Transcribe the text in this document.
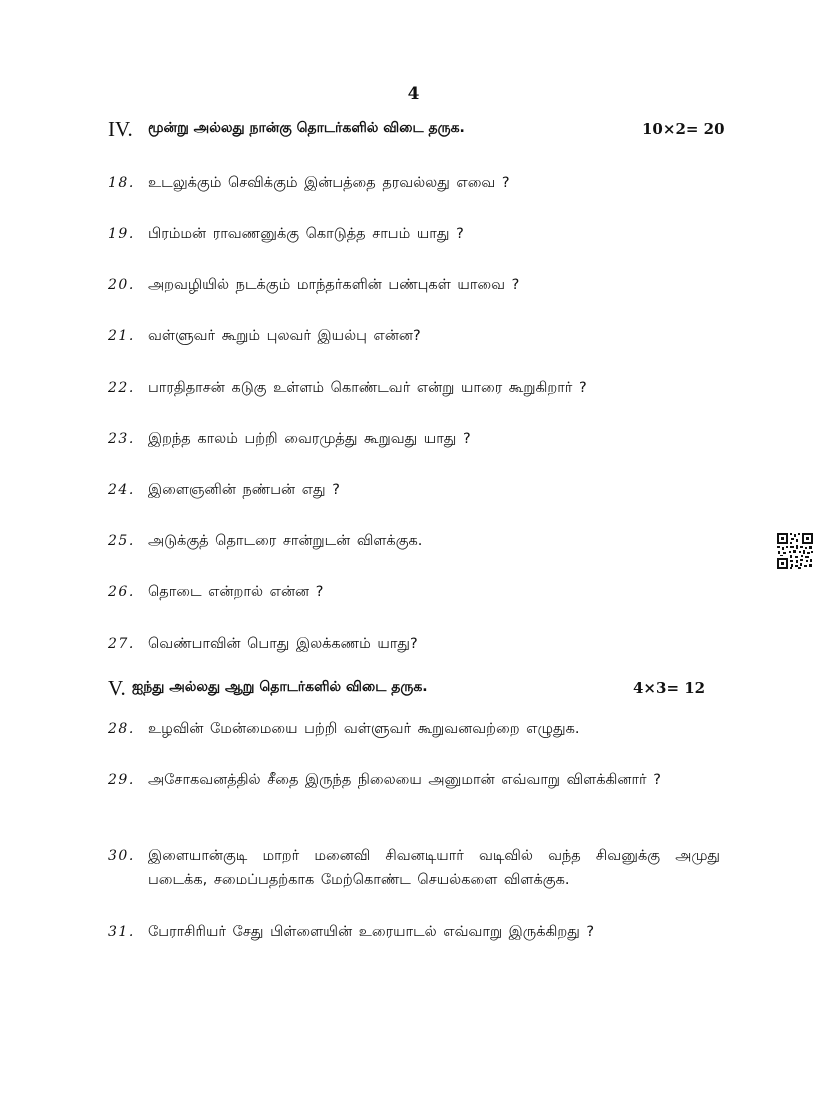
4
IV. மூன்று அல்லது நான்கு தொடர்களில் விடை தருக.	10×2= 20
18. உடலுக்கும் செவிக்கும் இன்பத்தை தரவல்லது எவை ?
19. பிரம்மன் ராவணனுக்கு கொடுத்த சாபம் யாது ?
20. அறவழியில் நடக்கும் மாந்தர்களின் பண்புகள் யாவை ?
21. வள்ளுவர் கூறும் புலவர் இயல்பு என்ன?
22. பாரதிதாசன் கடுகு உள்ளம் கொண்டவர் என்று யாரை கூறுகிறார் ?
23. இறந்த காலம் பற்றி வைரமுத்து கூறுவது யாது ?
24. இளைஞனின் நண்பன் எது ?
25. அடுக்குத் தொடரை சான்றுடன் விளக்குக.
26. தொடை என்றால் என்ன ?
27. வெண்பாவின் பொது இலக்கணம் யாது?
V. ஐந்து அல்லது ஆறு தொடர்களில் விடை தருக.	4×3= 12
28. உழவின் மேன்மையை பற்றி வள்ளுவர் கூறுவனவற்றை எழுதுக.
29. அசோகவனத்தில் சீதை இருந்த நிலையை அனுமான் எவ்வாறு விளக்கினார் ?
30. இளையான்குடி மாறர் மனைவி சிவனடியார் வடிவில் வந்த சிவனுக்கு அமுது படைக்க, சமைப்பதற்காக மேற்கொண்ட செயல்களை விளக்குக.
31. பேராசிரியர் சேது பிள்ளையின் உரையாடல் எவ்வாறு இருக்கிறது ?
